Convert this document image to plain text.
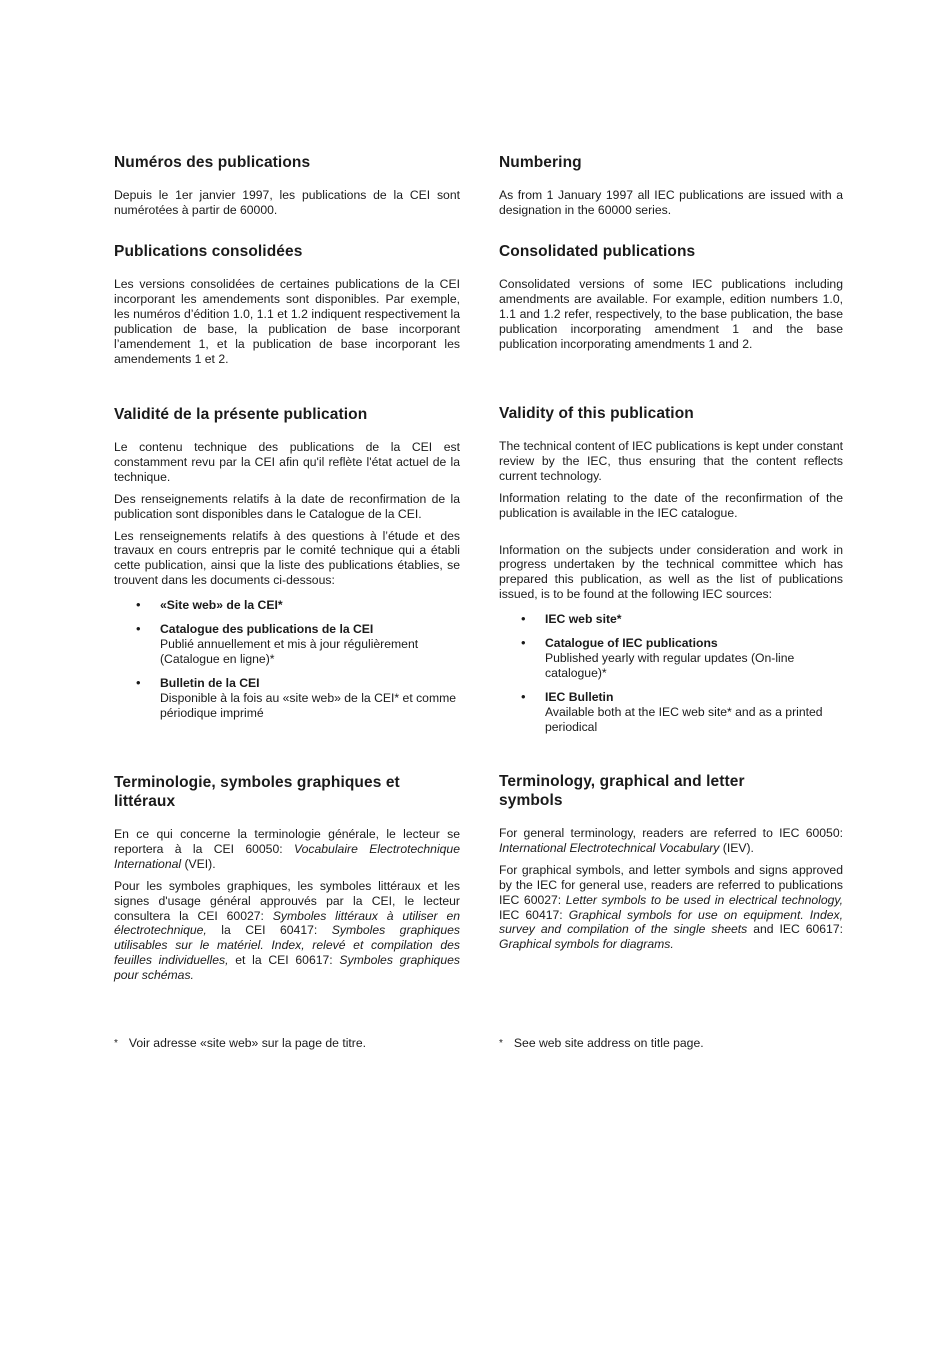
Numéros des publications

Depuis le 1er janvier 1997, les publications de la CEI sont numérotées à partir de 60000.

Publications consolidées

Les versions consolidées de certaines publications de la CEI incorporant les amendements sont disponibles. Par exemple, les numéros d’édition 1.0, 1.1 et 1.2 indiquent respectivement la publication de base, la publication de base incorporant l’amendement 1, et la publication de base incorporant les amendements 1 et 2.

Validité de la présente publication

Le contenu technique des publications de la CEI est constamment revu par la CEI afin qu'il reflète l'état actuel de la technique.

Des renseignements relatifs à la date de reconfirmation de la publication sont disponibles dans le Catalogue de la CEI.

Les renseignements relatifs à des questions à l’étude et des travaux en cours entrepris par le comité technique qui a établi cette publication, ainsi que la liste des publications établies, se trouvent dans les documents ci-dessous:

• «Site web» de la CEI*
• Catalogue des publications de la CEI
Publié annuellement et mis à jour régulièrement (Catalogue en ligne)*
• Bulletin de la CEI
Disponible à la fois au «site web» de la CEI* et comme périodique imprimé
Terminologie, symboles graphiques et littéraux

En ce qui concerne la terminologie générale, le lecteur se reportera à la CEI 60050: Vocabulaire Electrotechnique International (VEI).

Pour les symboles graphiques, les symboles littéraux et les signes d'usage général approuvés par la CEI, le lecteur consultera la CEI 60027: Symboles littéraux à utiliser en électrotechnique, la CEI 60417: Symboles graphiques utilisables sur le matériel. Index, relevé et compilation des feuilles individuelles, et la CEI 60617: Symboles graphiques pour schémas.

Numbering

As from 1 January 1997 all IEC publications are issued with a designation in the 60000 series.

Consolidated publications

Consolidated versions of some IEC publications including amendments are available. For example, edition numbers 1.0, 1.1 and 1.2 refer, respectively, to the base publication, the base publication incorporating amendment 1 and the base publication incorporating amendments 1 and 2.

Validity of this publication

The technical content of IEC publications is kept under constant review by the IEC, thus ensuring that the content reflects current technology.

Information relating to the date of the reconfirmation of the publication is available in the IEC catalogue.

Information on the subjects under consideration and work in progress undertaken by the technical committee which has prepared this publication, as well as the list of publications issued, is to be found at the following IEC sources:

• IEC web site*
• Catalogue of IEC publications
Published yearly with regular updates (On-line catalogue)*
• IEC Bulletin
Available both at the IEC web site* and as a printed periodical
Terminology, graphical and letter symbols

For general terminology, readers are referred to IEC 60050: International Electrotechnical Vocabulary (IEV).

For graphical symbols, and letter symbols and signs approved by the IEC for general use, readers are referred to publications IEC 60027: Letter symbols to be used in electrical technology, IEC 60417: Graphical symbols for use on equipment. Index, survey and compilation of the single sheets and IEC 60617: Graphical symbols for diagrams.

* Voir adresse «site web» sur la page de titre.	* See web site address on title page.
